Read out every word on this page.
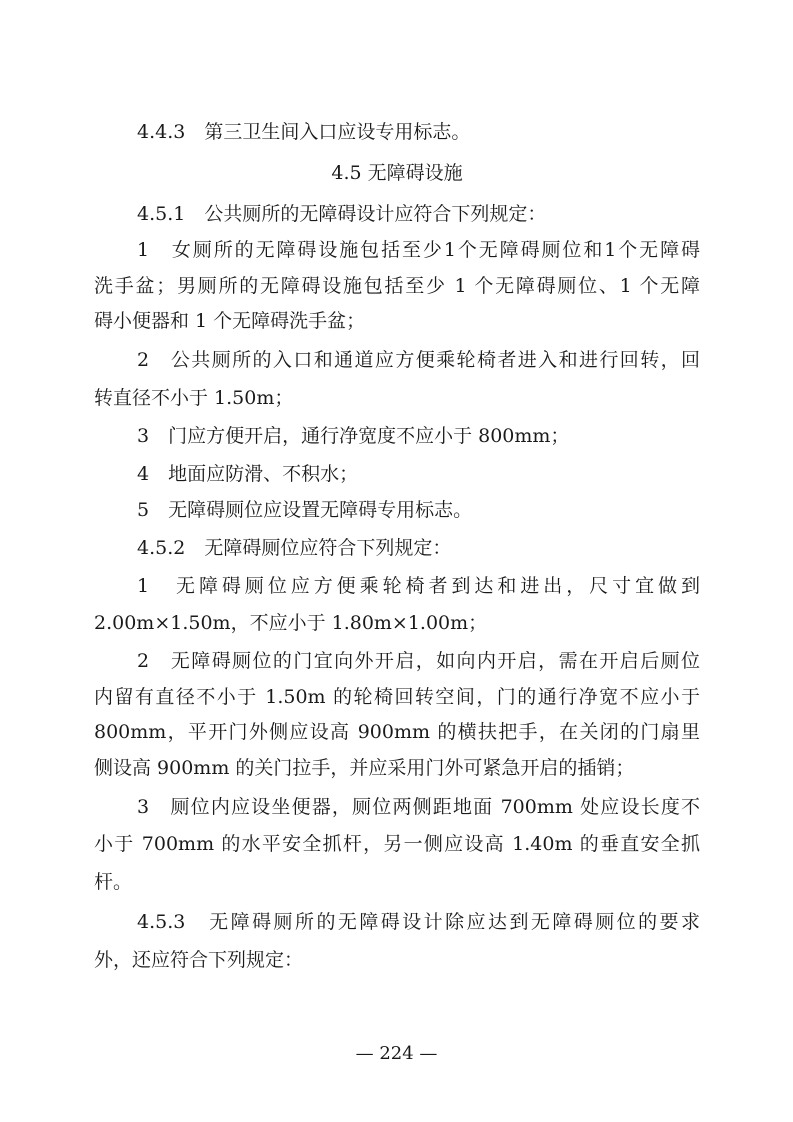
4.4.3　第三卫生间入口应设专用标志。
4.5 无障碍设施
4.5.1　公共厕所的无障碍设计应符合下列规定：
1　女厕所的无障碍设施包括至少1个无障碍厕位和1个无障碍
洗手盆；男厕所的无障碍设施包括至少 1 个无障碍厕位、1 个无障
碍小便器和 1 个无障碍洗手盆；
2　公共厕所的入口和通道应方便乘轮椅者进入和进行回转，回
转直径不小于 1.50m；
3　门应方便开启，通行净宽度不应小于 800mm；
4　地面应防滑、不积水；
5　无障碍厕位应设置无障碍专用标志。
4.5.2　无障碍厕位应符合下列规定：
1　无障碍厕位应方便乘轮椅者到达和进出，尺寸宜做到
2.00m×1.50m，不应小于 1.80m×1.00m；
2　无障碍厕位的门宜向外开启，如向内开启，需在开启后厕位
内留有直径不小于 1.50m 的轮椅回转空间，门的通行净宽不应小于
800mm，平开门外侧应设高 900mm 的横扶把手，在关闭的门扇里
侧设高 900mm 的关门拉手，并应采用门外可紧急开启的插销；
3　厕位内应设坐便器，厕位两侧距地面 700mm 处应设长度不
小于 700mm 的水平安全抓杆，另一侧应设高 1.40m 的垂直安全抓
杆。
4.5.3　无障碍厕所的无障碍设计除应达到无障碍厕位的要求
外，还应符合下列规定：
— 224 —
